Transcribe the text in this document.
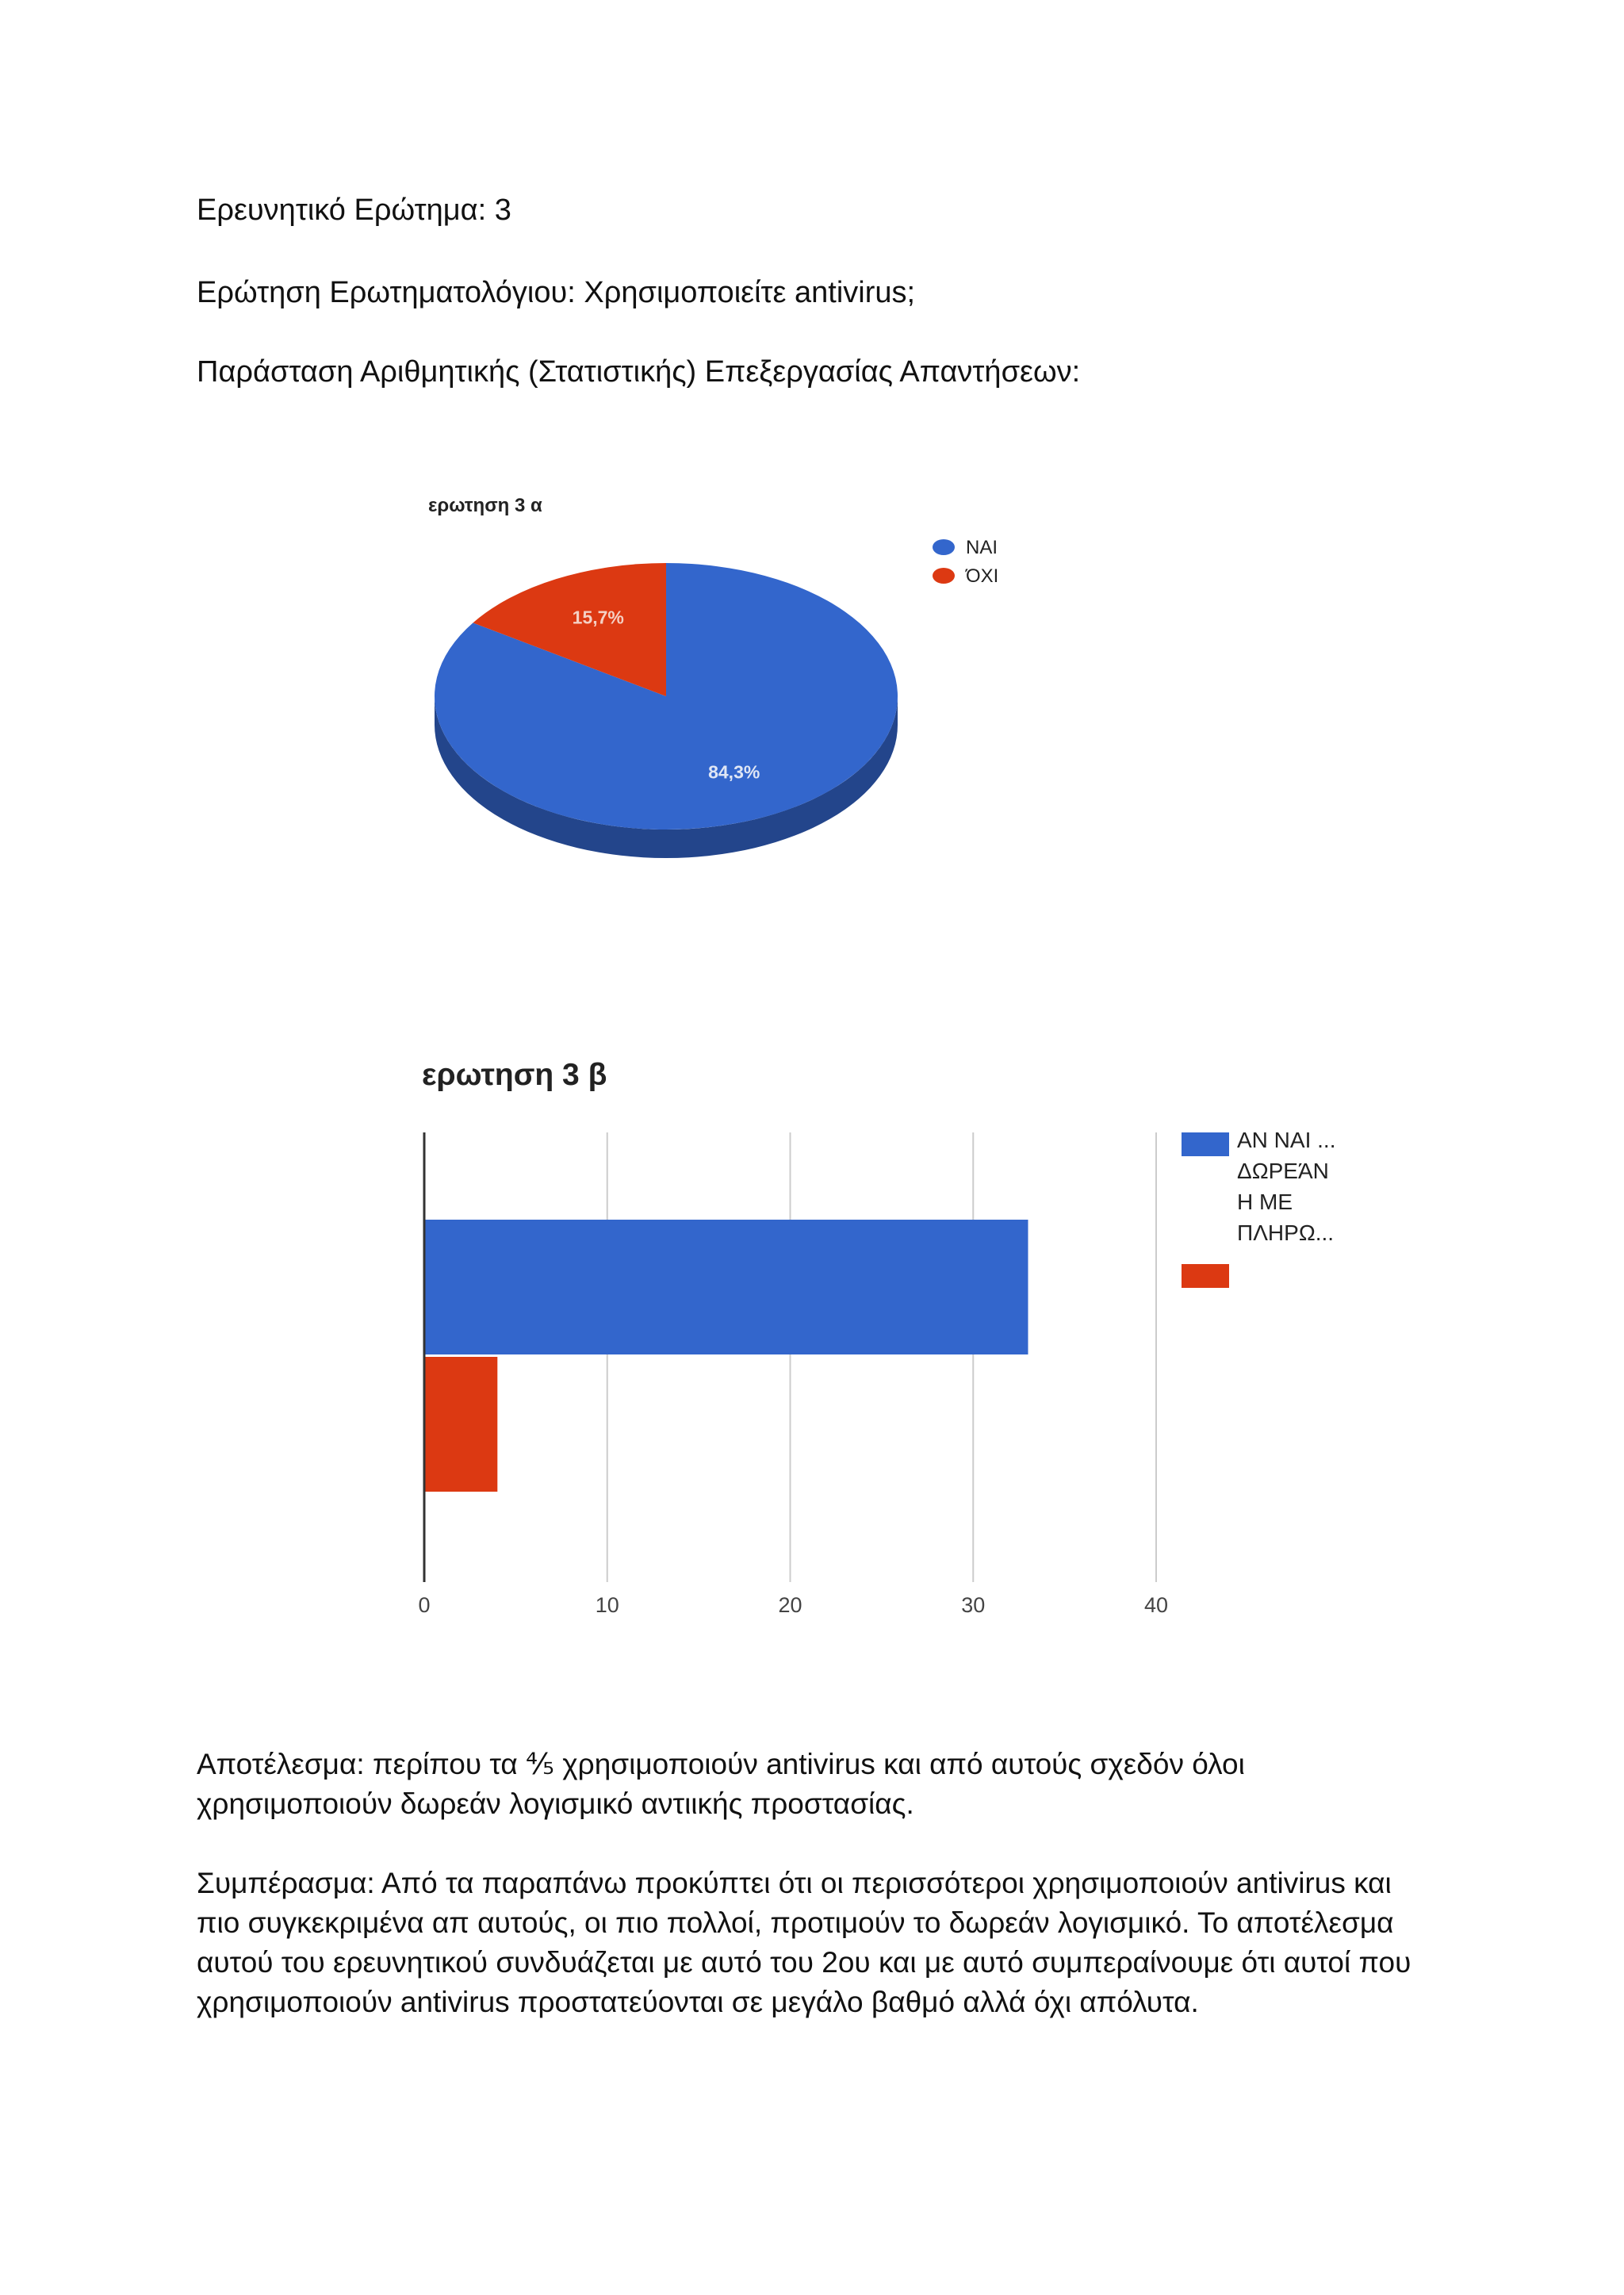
Ερευνητικό Ερώτημα: 3
Ερώτηση Ερωτηματολόγιου: Χρησιμοποιείτε antivirus;
Παράσταση Αριθμητικής (Στατιστικής) Επεξεργασίας Απαντήσεων:
ερωτηση 3 α
84,3%
15,7%
ΝΑΙ
ΌΧΙ
ερωτηση 3 β
0	10	20	30	40
ΑΝ ΝΑΙ ...
ΔΩΡΕΆΝ
Η ΜΕ
ΠΛΗΡΩ...
Αποτέλεσμα: περίπου τα ⅘ χρησιμοποιούν antivirus και από αυτούς σχεδόν όλοι
χρησιμοποιούν δωρεάν λογισμικό αντιικής προστασίας.
Συμπέρασμα: Από τα παραπάνω προκύπτει ότι οι περισσότεροι χρησιμοποιούν antivirus και
πιο συγκεκριμένα απ αυτούς, οι πιο πολλοί, προτιμούν το δωρεάν λογισμικό. Το αποτέλεσμα
αυτού του ερευνητικού συνδυάζεται με αυτό του 2ου και με αυτό συμπεραίνουμε ότι αυτοί που
χρησιμοποιούν antivirus προστατεύονται σε μεγάλο βαθμό αλλά όχι απόλυτα.
